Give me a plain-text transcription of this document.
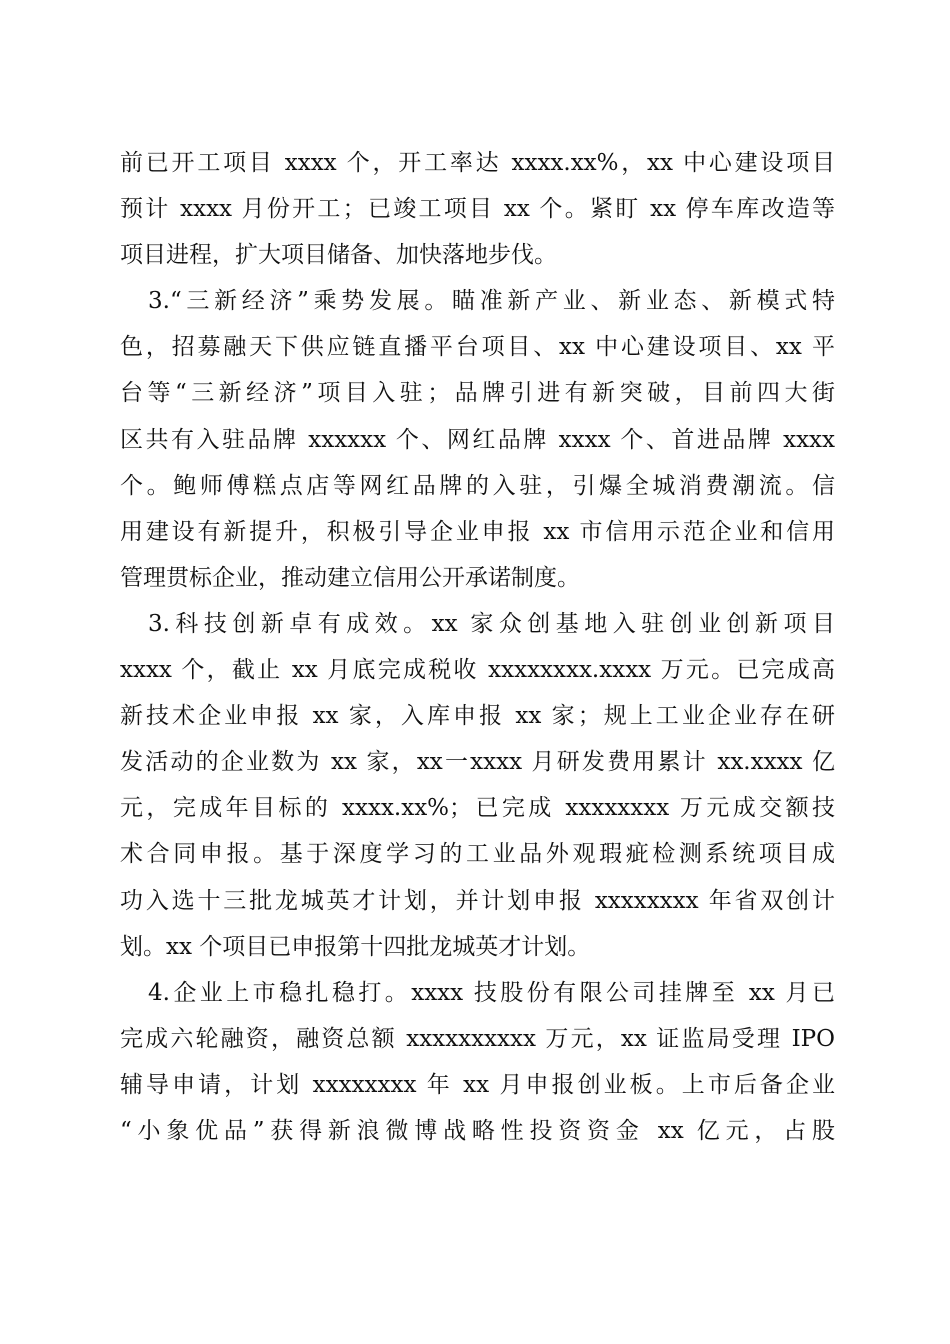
前已开工项目 xxxx 个，开工率达 xxxx.xx%，xx 中心建设项目
预计 xxxx 月份开工；已竣工项目 xx 个。紧盯 xx 停车库改造等
项目进程，扩大项目储备、加快落地步伐。
3.“三新经济”乘势发展。瞄准新产业、新业态、新模式特
色，招募融天下供应链直播平台项目、xx 中心建设项目、xx 平
台等“三新经济”项目入驻；品牌引进有新突破，目前四大街
区共有入驻品牌 xxxxxx 个、网红品牌 xxxx 个、首进品牌 xxxx
个。鲍师傅糕点店等网红品牌的入驻，引爆全城消费潮流。信
用建设有新提升，积极引导企业申报 xx 市信用示范企业和信用
管理贯标企业，推动建立信用公开承诺制度。
3.科技创新卓有成效。xx 家众创基地入驻创业创新项目
xxxx 个，截止 xx 月底完成税收 xxxxxxxx.xxxx 万元。已完成高
新技术企业申报 xx 家，入库申报 xx 家；规上工业企业存在研
发活动的企业数为 xx 家，xx一xxxx 月研发费用累计 xx.xxxx 亿
元，完成年目标的 xxxx.xx%；已完成 xxxxxxxx 万元成交额技
术合同申报。基于深度学习的工业品外观瑕疵检测系统项目成
功入选十三批龙城英才计划，并计划申报 xxxxxxxx 年省双创计
划。xx 个项目已申报第十四批龙城英才计划。
4.企业上市稳扎稳打。xxxx 技股份有限公司挂牌至 xx 月已
完成六轮融资，融资总额 xxxxxxxxxx 万元，xx 证监局受理 IPO
辅导申请，计划 xxxxxxxx 年 xx 月申报创业板。上市后备企业
“小象优品”获得新浪微博战略性投资资金 xx 亿元，占股
